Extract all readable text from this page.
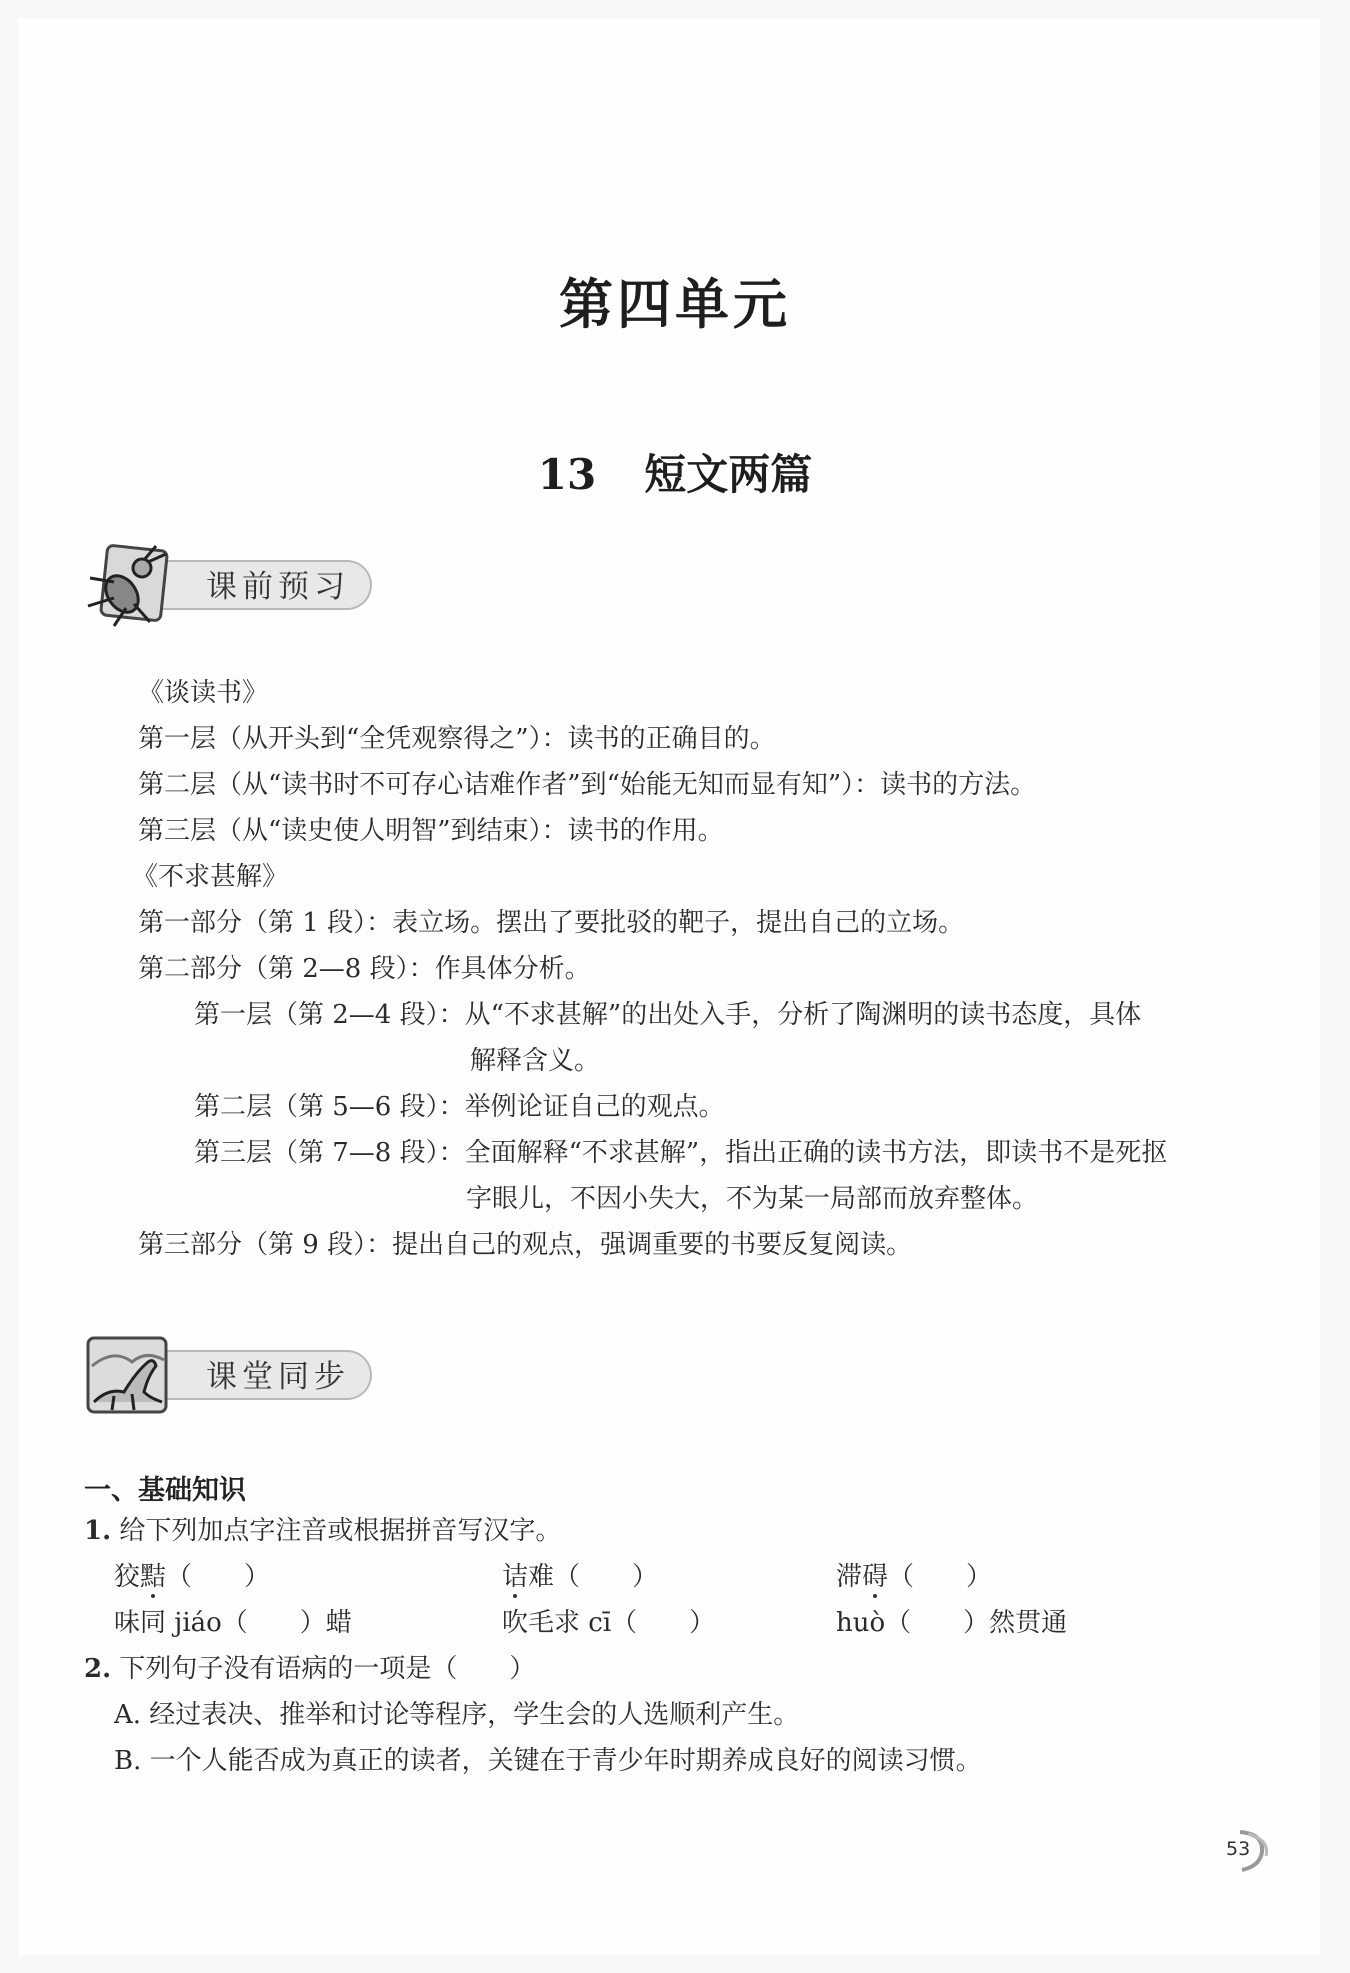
第四单元
13 短文两篇
课前预习
《谈读书》
第一层（从开头到“全凭观察得之”）：读书的正确目的。
第二层（从“读书时不可存心诘难作者”到“始能无知而显有知”）：读书的方法。
第三层（从“读史使人明智”到结束）：读书的作用。
《不求甚解》
第一部分（第 1 段）：表立场。摆出了要批驳的靶子，提出自己的立场。
第二部分（第 2—8 段）：作具体分析。
第一层（第 2—4 段）：从“不求甚解”的出处入手，分析了陶渊明的读书态度，具体
解释含义。
第二层（第 5—6 段）：举例论证自己的观点。
第三层（第 7—8 段）：全面解释“不求甚解”，指出正确的读书方法，即读书不是死抠
字眼儿，不因小失大，不为某一局部而放弃整体。
第三部分（第 9 段）：提出自己的观点，强调重要的书要反复阅读。
课堂同步
一、基础知识
1. 给下列加点字注音或根据拼音写汉字。
狡黠（　　）	诘难（　　）	滞碍（　　）
味同 jiáo（　　）蜡	吹毛求 cī（　　）	huò（　　）然贯通
2. 下列句子没有语病的一项是（　　）
A. 经过表决、推举和讨论等程序，学生会的人选顺利产生。
B. 一个人能否成为真正的读者，关键在于青少年时期养成良好的阅读习惯。
53
